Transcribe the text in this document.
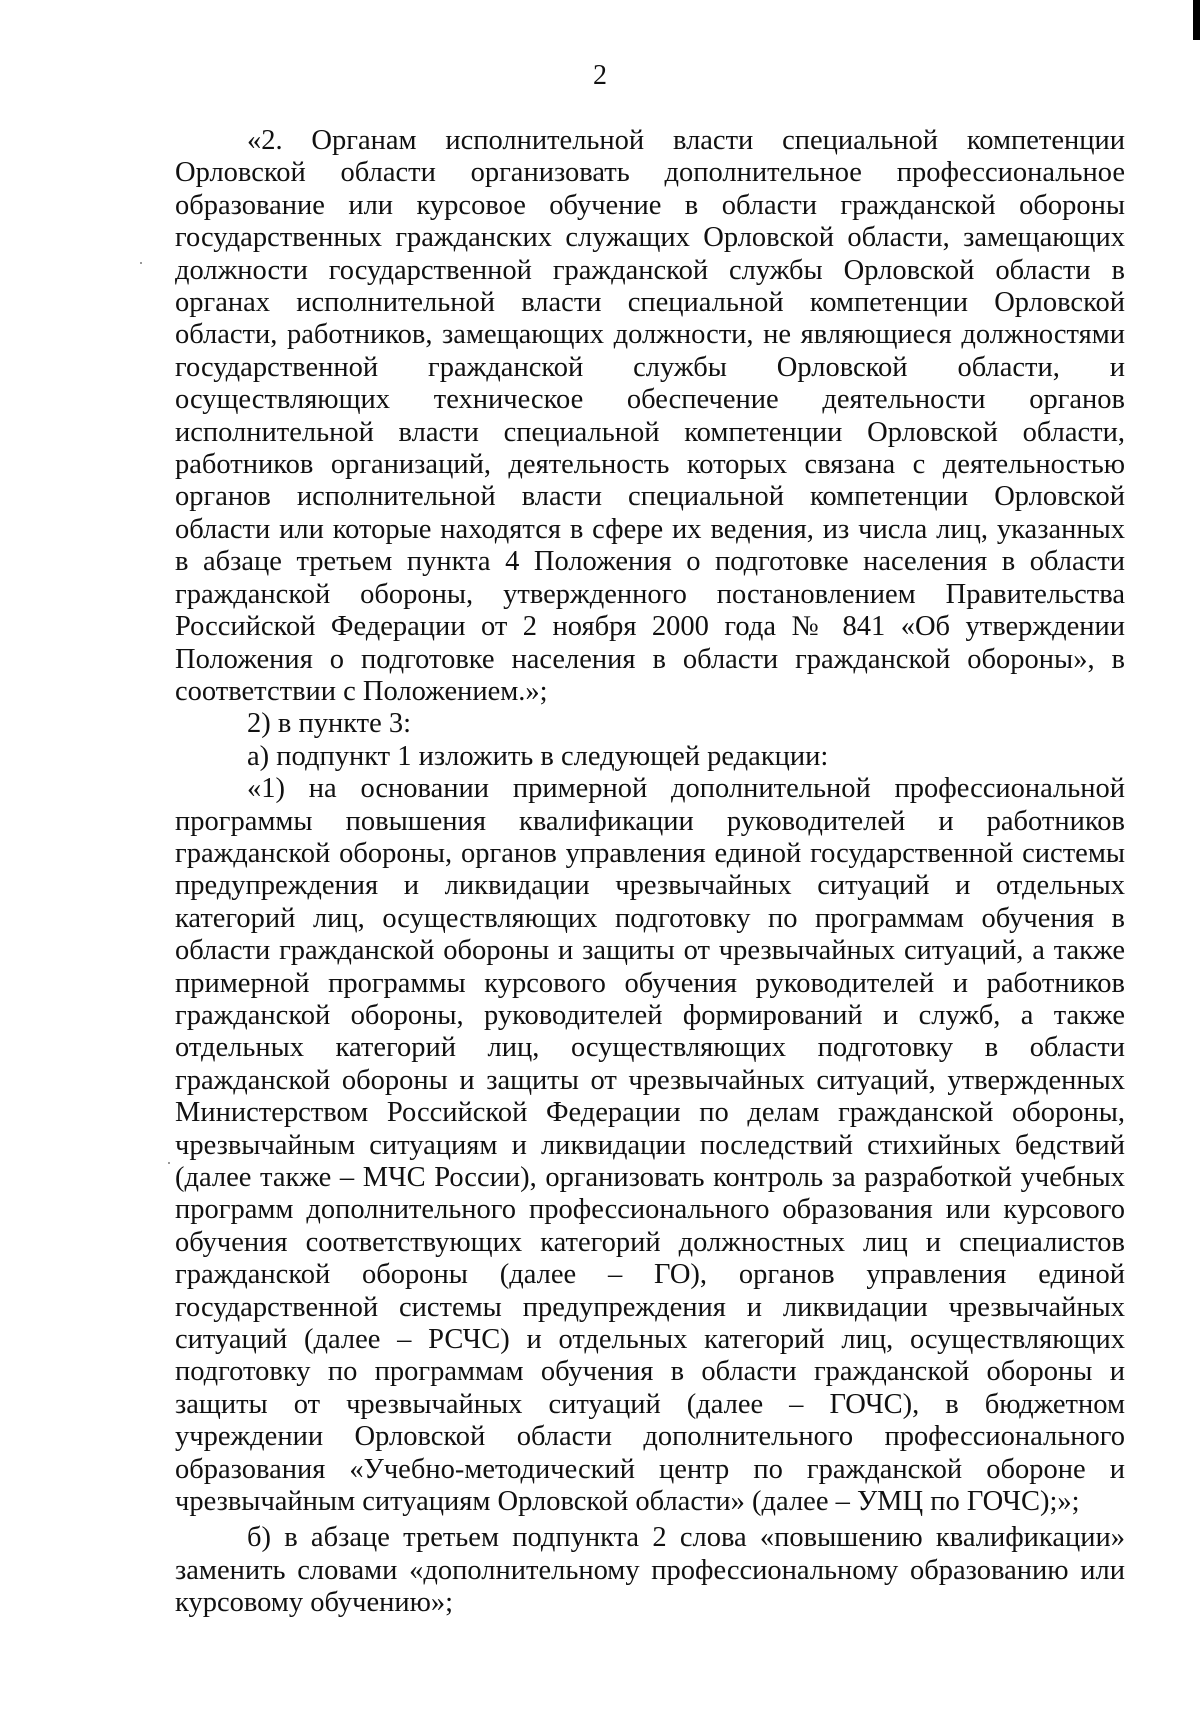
2

«2. Органам исполнительной власти специальной компетенции Орловской области организовать дополнительное профессиональное образование или курсовое обучение в области гражданской обороны государственных гражданских служащих Орловской области, замещающих должности государственной гражданской службы Орловской области в органах исполнительной власти специальной компетенции Орловской области, работников, замещающих должности, не являющиеся должностями государственной гражданской службы Орловской области, и осуществляющих техническое обеспечение деятельности органов исполнительной власти специальной компетенции Орловской области, работников организаций, деятельность которых связана с деятельностью органов исполнительной власти специальной компетенции Орловской области или которые находятся в сфере их ведения, из числа лиц, указанных в абзаце третьем пункта 4 Положения о подготовке населения в области гражданской обороны, утвержденного постановлением Правительства Российской Федерации от 2 ноября 2000 года № 841 «Об утверждении Положения о подготовке населения в области гражданской обороны», в соответствии с Положением.»;

2) в пункте 3:

а) подпункт 1 изложить в следующей редакции:

«1) на основании примерной дополнительной профессиональной программы повышения квалификации руководителей и работников гражданской обороны, органов управления единой государственной системы предупреждения и ликвидации чрезвычайных ситуаций и отдельных категорий лиц, осуществляющих подготовку по программам обучения в области гражданской обороны и защиты от чрезвычайных ситуаций, а также примерной программы курсового обучения руководителей и работников гражданской обороны, руководителей формирований и служб, а также отдельных категорий лиц, осуществляющих подготовку в области гражданской обороны и защиты от чрезвычайных ситуаций, утвержденных Министерством Российской Федерации по делам гражданской обороны, чрезвычайным ситуациям и ликвидации последствий стихийных бедствий (далее также – МЧС России), организовать контроль за разработкой учебных программ дополнительного профессионального образования или курсового обучения соответствующих категорий должностных лиц и специалистов гражданской обороны (далее – ГО), органов управления единой государственной системы предупреждения и ликвидации чрезвычайных ситуаций (далее – РСЧС) и отдельных категорий лиц, осуществляющих подготовку по программам обучения в области гражданской обороны и защиты от чрезвычайных ситуаций (далее – ГОЧС), в бюджетном учреждении Орловской области дополнительного профессионального образования «Учебно-методический центр по гражданской обороне и чрезвычайным ситуациям Орловской области» (далее – УМЦ по ГОЧС);»;

б) в абзаце третьем подпункта 2 слова «повышению квалификации» заменить словами «дополнительному профессиональному образованию или курсовому обучению»;
